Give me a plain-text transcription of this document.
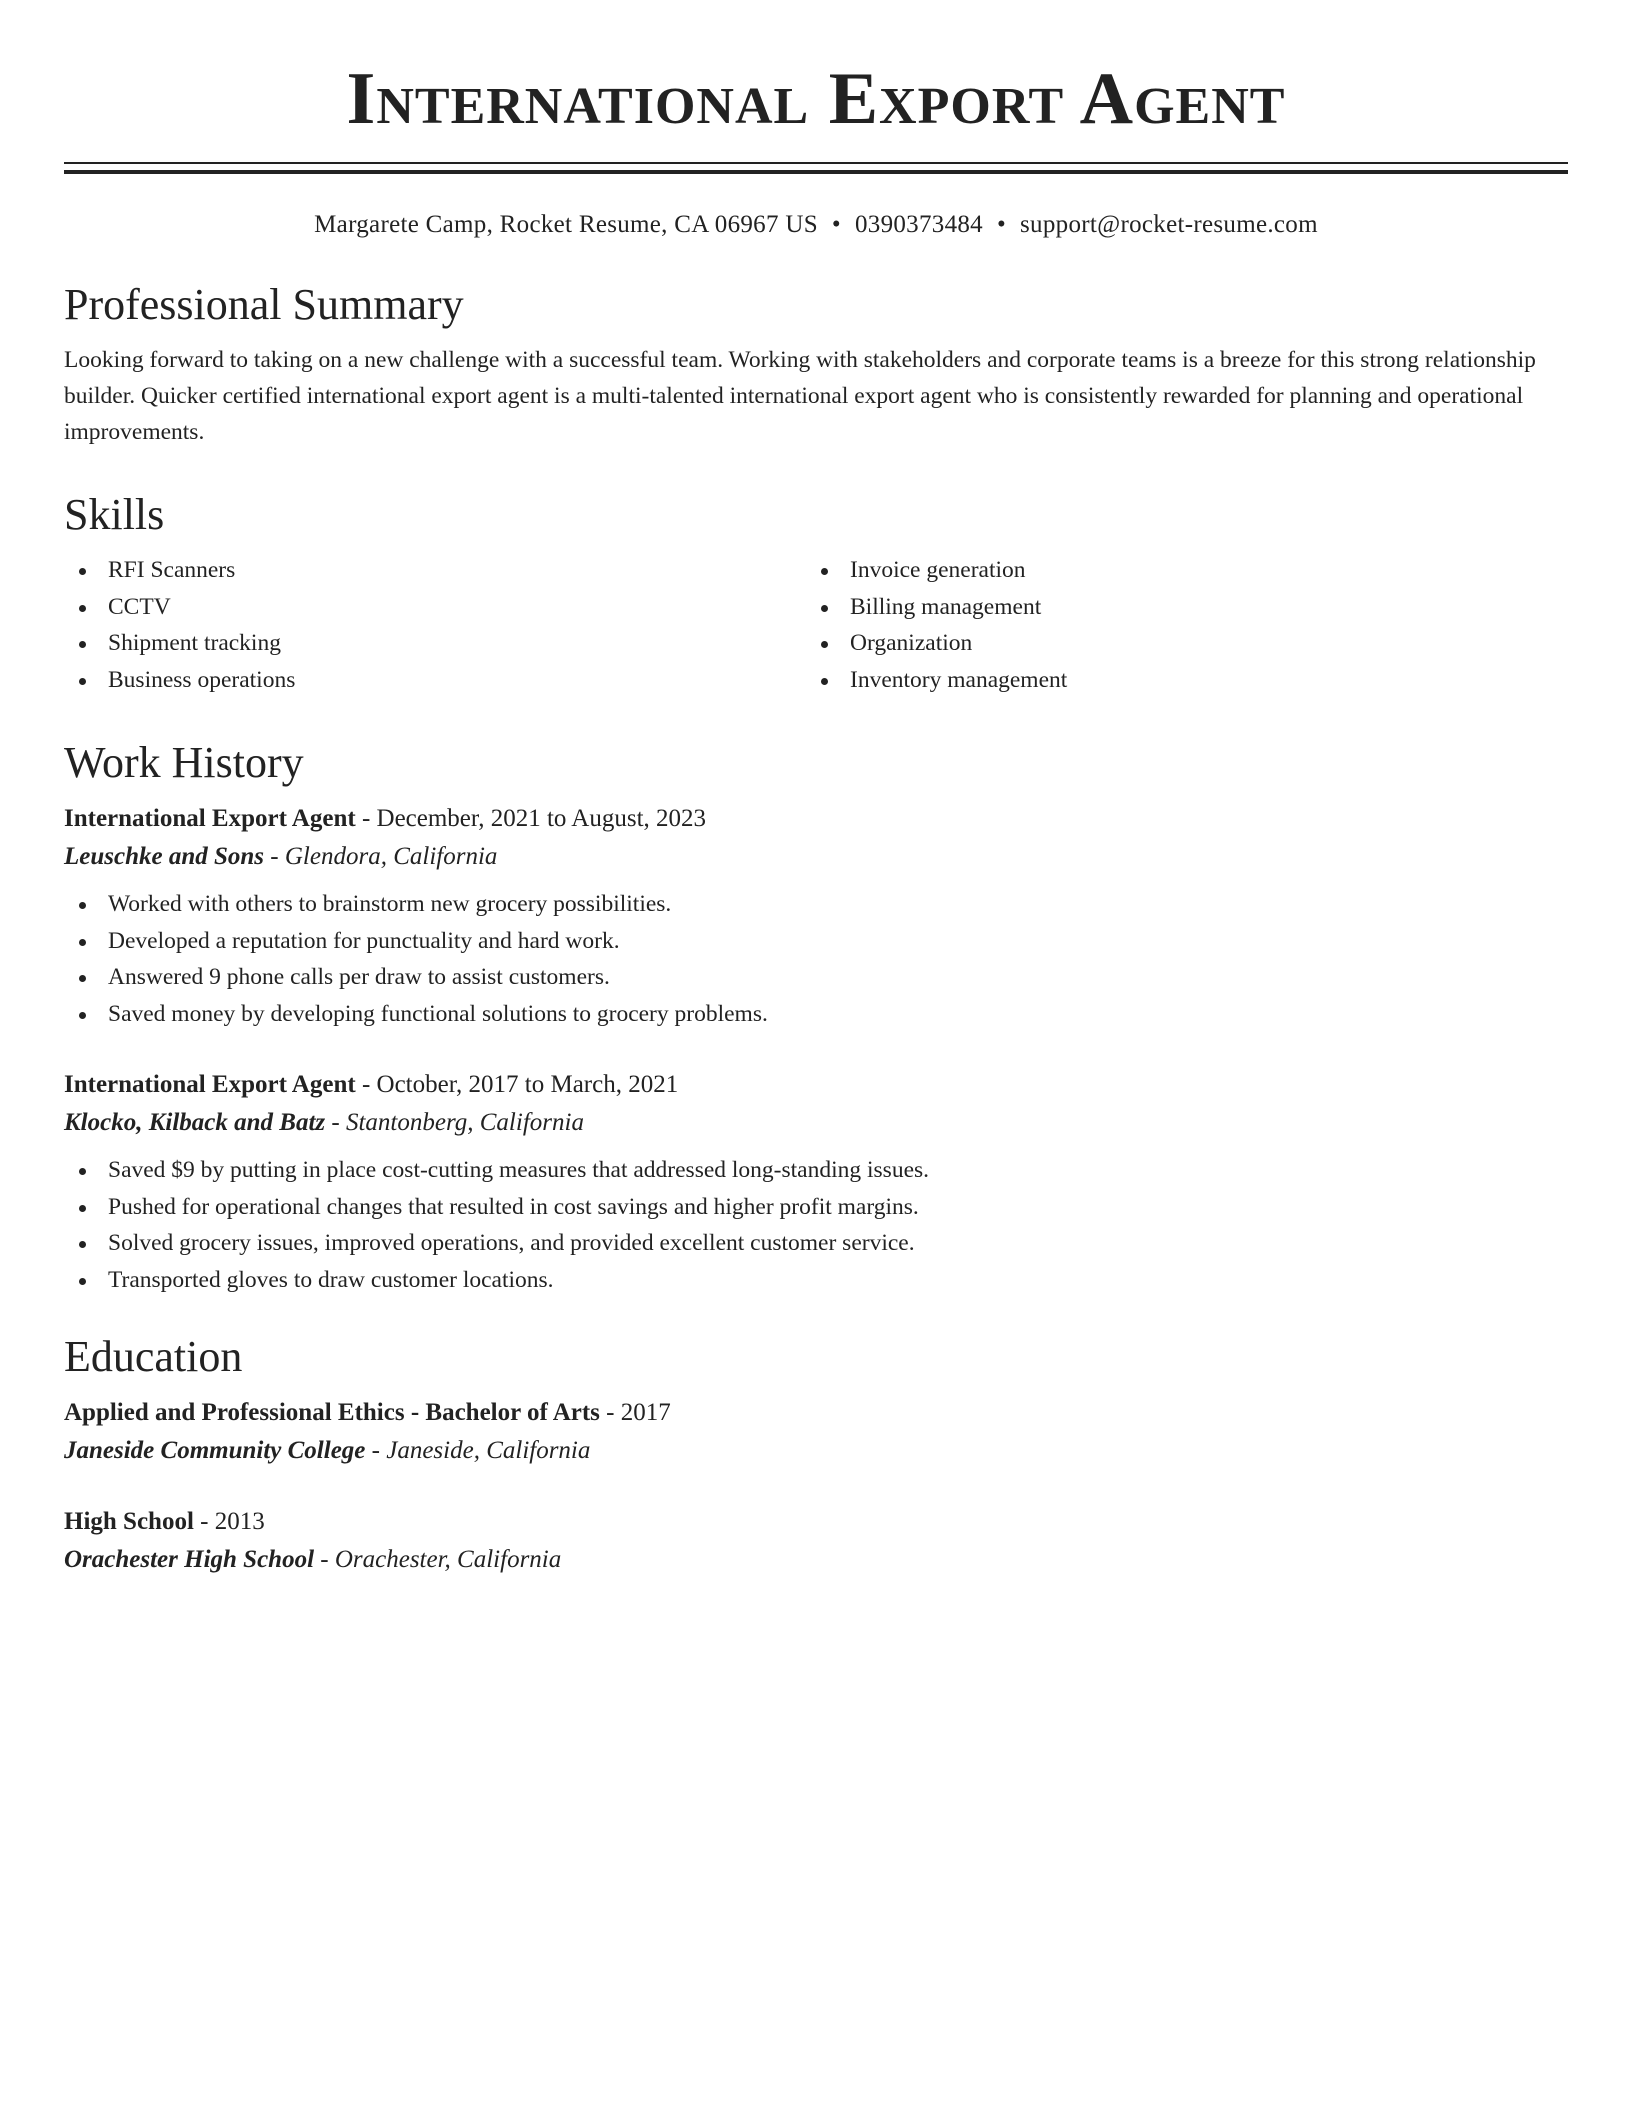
International Export Agent
Margarete Camp, Rocket Resume, CA 06967 US • 0390373484 • support@rocket-resume.com
Professional Summary

Looking forward to taking on a new challenge with a successful team. Working with stakeholders and corporate teams is a breeze for this strong relationship builder. Quicker certified international export agent is a multi-talented international export agent who is consistently rewarded for planning and operational improvements.

Skills
RFI Scanners
CCTV
Shipment tracking
Business operations
Invoice generation
Billing management
Organization
Inventory management
Work History
International Export Agent - December, 2021 to August, 2023
Leuschke and Sons - Glendora, California
Worked with others to brainstorm new grocery possibilities.
Developed a reputation for punctuality and hard work.
Answered 9 phone calls per draw to assist customers.
Saved money by developing functional solutions to grocery problems.
International Export Agent - October, 2017 to March, 2021
Klocko, Kilback and Batz - Stantonberg, California
Saved $9 by putting in place cost-cutting measures that addressed long-standing issues.
Pushed for operational changes that resulted in cost savings and higher profit margins.
Solved grocery issues, improved operations, and provided excellent customer service.
Transported gloves to draw customer locations.
Education
Applied and Professional Ethics - Bachelor of Arts - 2017
Janeside Community College - Janeside, California
High School - 2013
Orachester High School - Orachester, California
